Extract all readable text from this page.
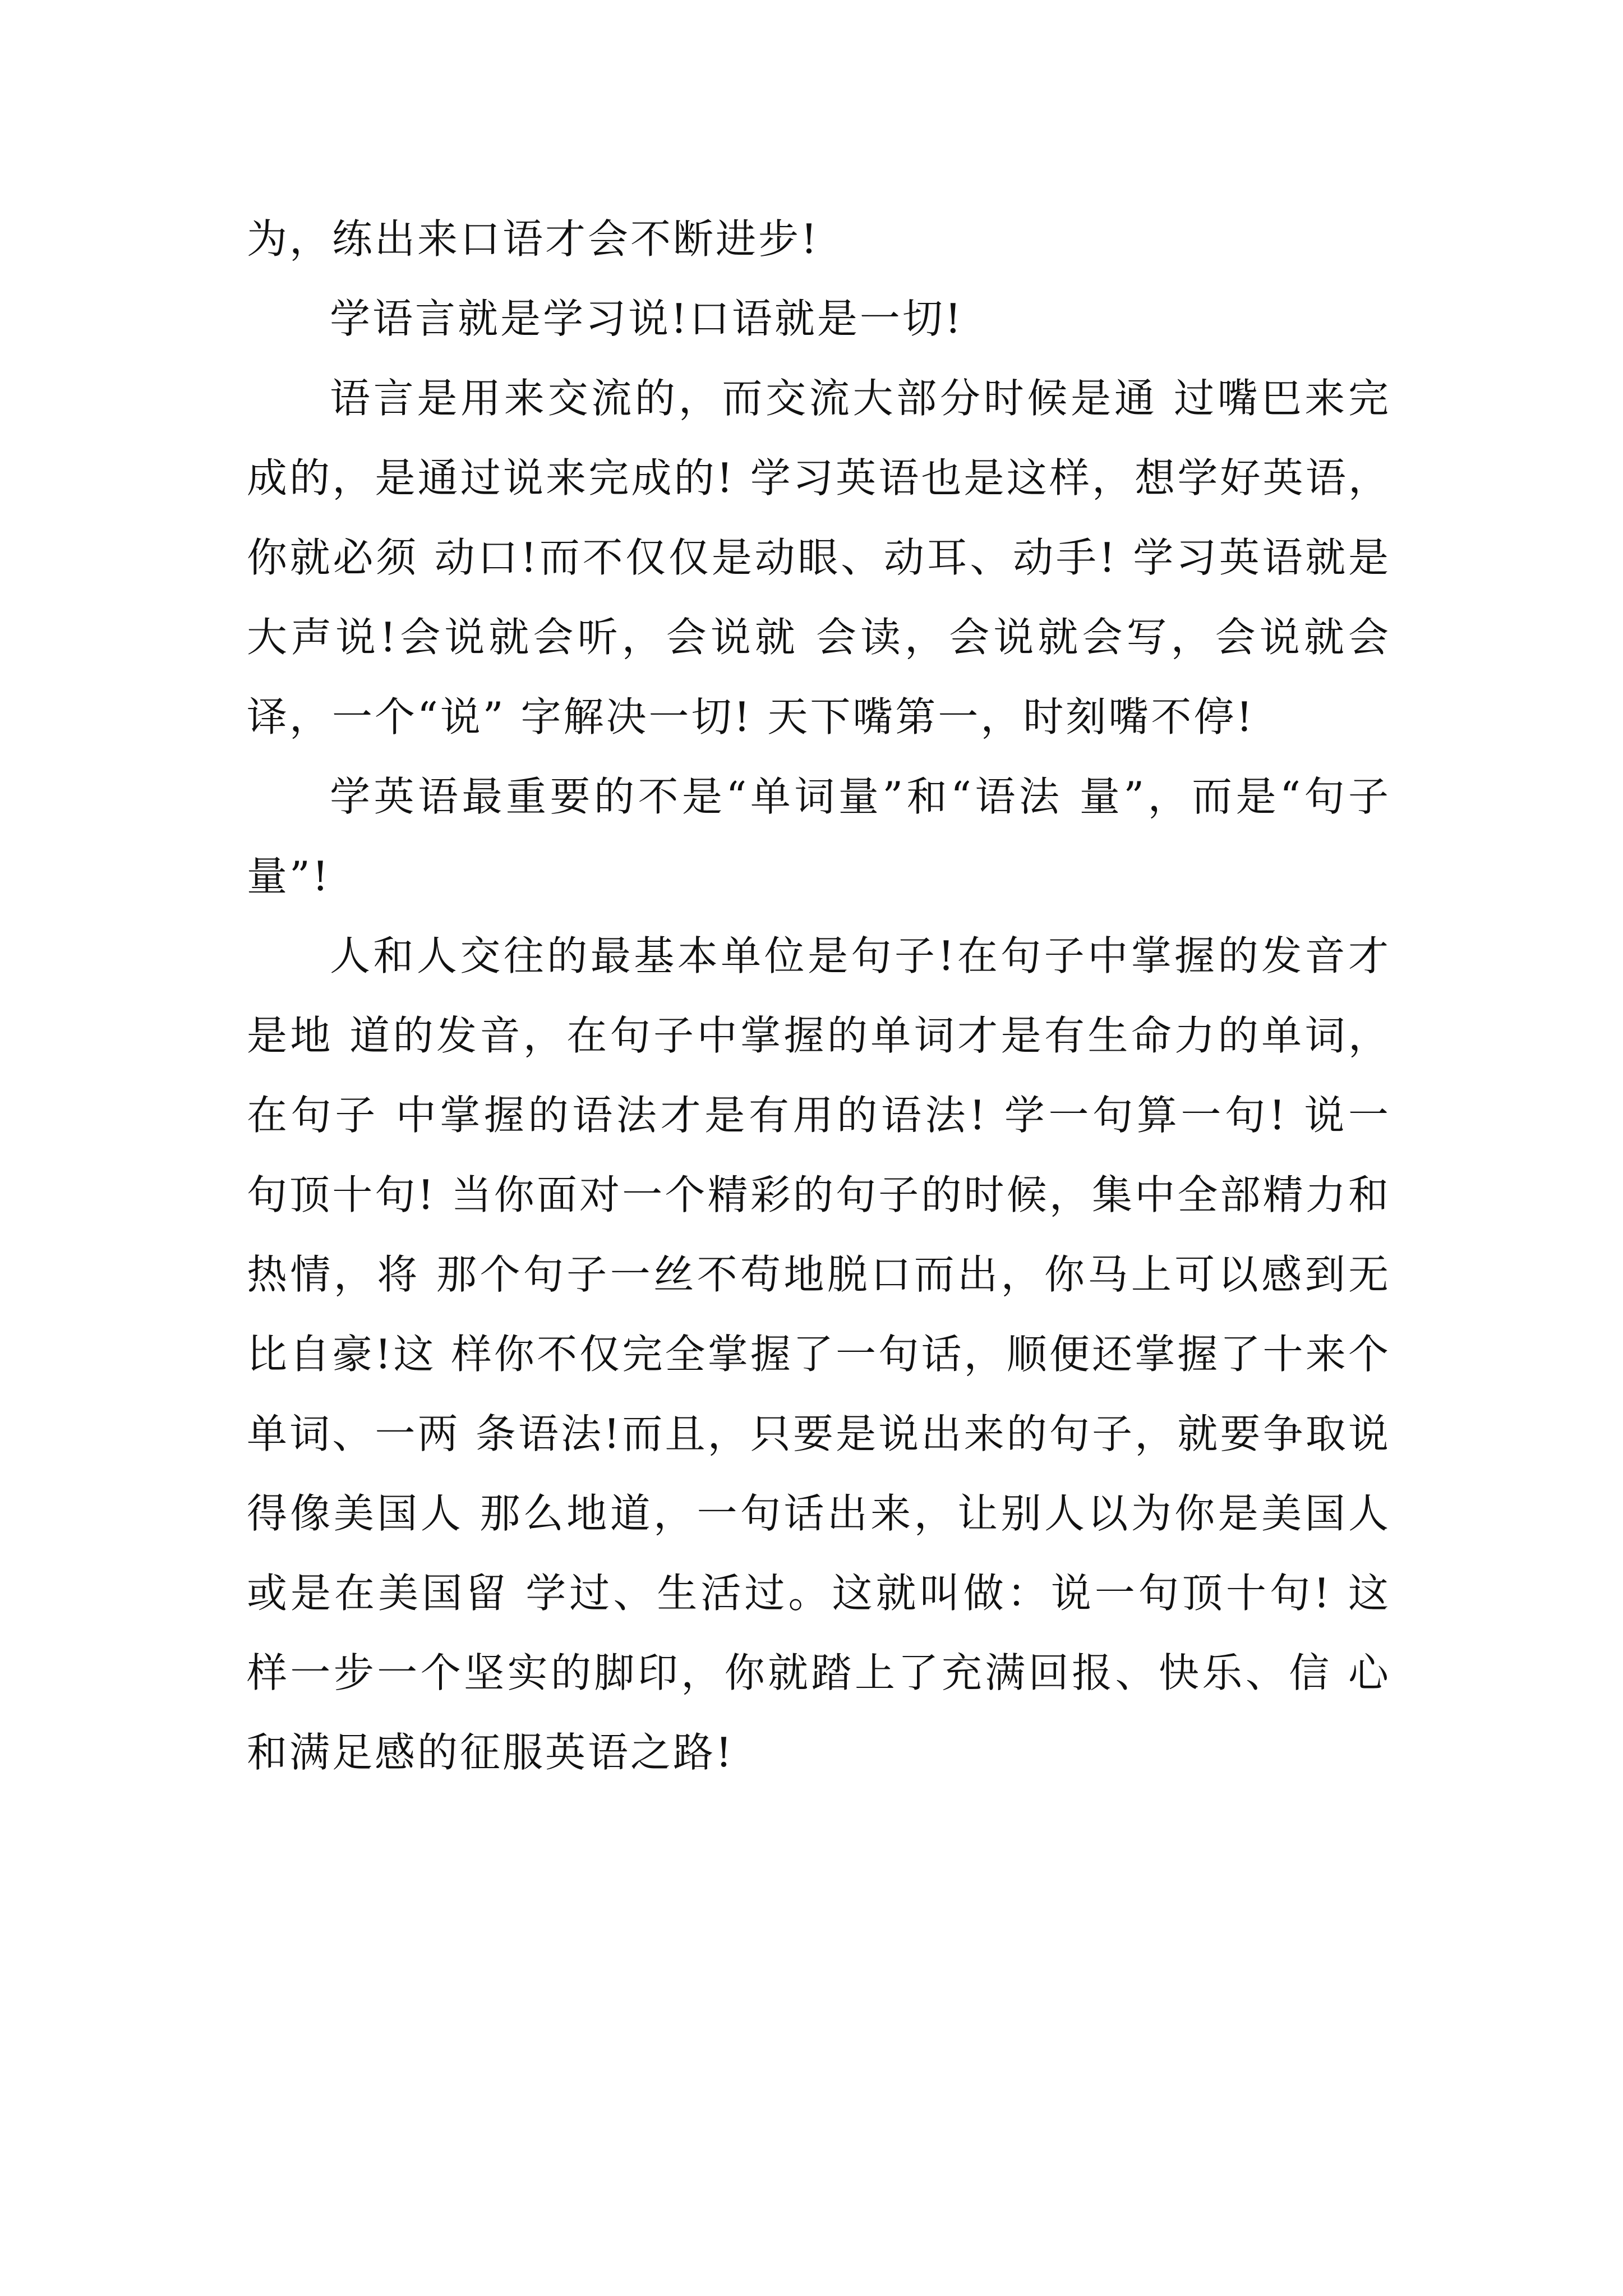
为，练出来口语才会不断进步!

学语言就是学习说!口语就是一切!

语言是用来交流的，而交流大部分时候是通 过嘴巴来完成的，是通过说来完成的! 学习英语也是这样，想学好英语，你就必须 动口!而不仅仅是动眼、动耳、动手! 学习英语就是大声说!会说就会听，会说就 会读，会说就会写，会说就会译，一个“说” 字解决一切! 天下嘴第一，时刻嘴不停!

学英语最重要的不是“单词量”和“语法 量”，而是“句子量”!

人和人交往的最基本单位是句子!在句子中掌握的发音才是地 道的发音，在句子中掌握的单词才是有生命力的单词，在句子 中掌握的语法才是有用的语法! 学一句算一句! 说一句顶十句! 当你面对一个精彩的句子的时候，集中全部精力和热情，将 那个句子一丝不苟地脱口而出，你马上可以感到无比自豪!这 样你不仅完全掌握了一句话，顺便还掌握了十来个单词、一两 条语法!而且，只要是说出来的句子，就要争取说得像美国人 那么地道，一句话出来，让别人以为你是美国人或是在美国留 学过、生活过。这就叫做：说一句顶十句! 这样一步一个坚实的脚印，你就踏上了充满回报、快乐、信 心和满足感的征服英语之路!
